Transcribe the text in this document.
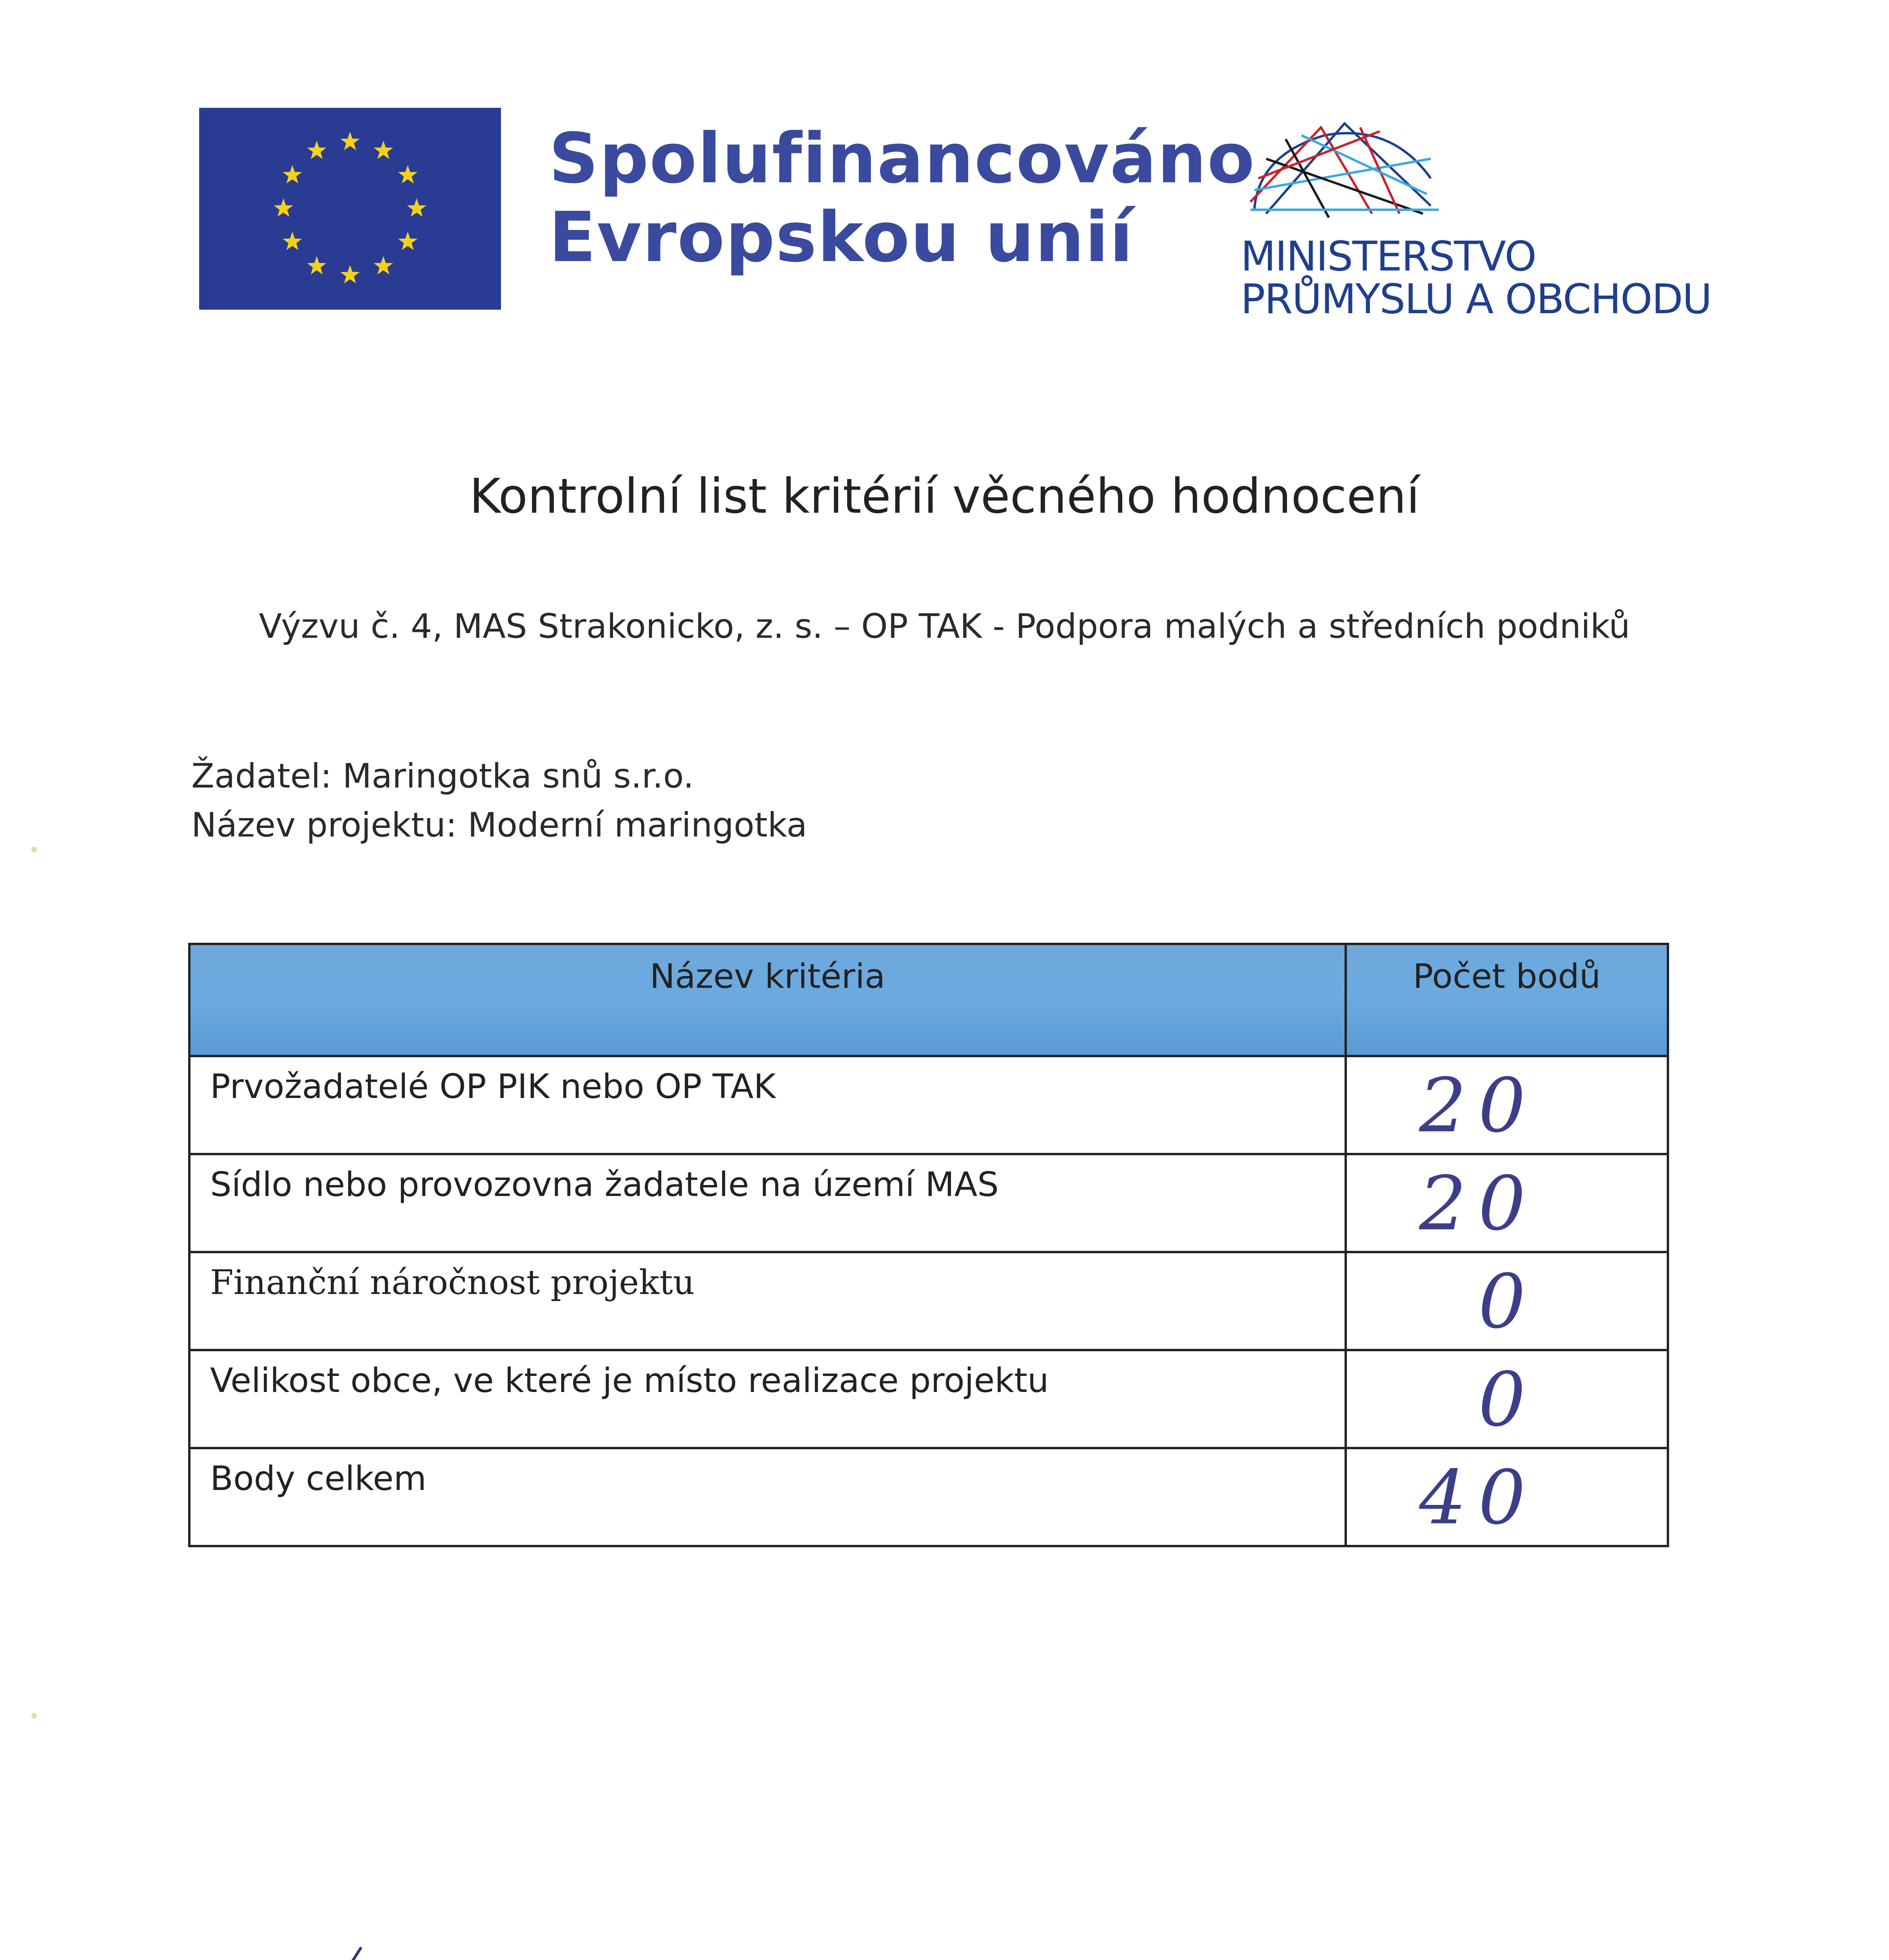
Spolufinancováno
Evropskou unií	MINISTERSTVO
PRŮMYSLU A OBCHODU
Kontrolní list kritérií věcného hodnocení
Výzvu č. 4, MAS Strakonicko, z. s. – OP TAK - Podpora malých a středních podniků
Žadatel: Maringotka snů s.r.o.
Název projektu: Moderní maringotka
Název kritéria	Počet bodů

Prvožadatelé OP PIK nebo OP TAK	20

Sídlo nebo provozovna žadatele na území MAS	20

Finanční náročnost projektu	0

Velikost obce, ve které je místo realizace projektu	0

Body celkem	40
